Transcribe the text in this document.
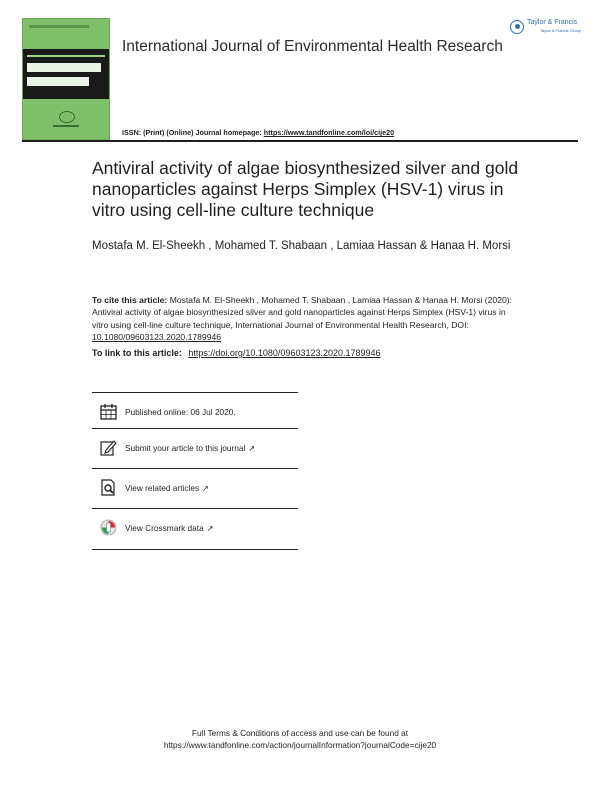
International Journal of Environmental Health Research
Taylor & Francis
Taylor & Francis Group
ISSN: (Print) (Online) Journal homepage: https://www.tandfonline.com/loi/cije20
Antiviral activity of algae biosynthesized silver and gold nanoparticles against Herps Simplex (HSV-1) virus in vitro using cell-line culture technique
Mostafa M. El-Sheekh , Mohamed T. Shabaan , Lamiaa Hassan & Hanaa H. Morsi
To cite this article: Mostafa M. El-Sheekh , Mohamed T. Shabaan , Lamiaa Hassan & Hanaa H. Morsi (2020): Antiviral activity of algae biosynthesized silver and gold nanoparticles against Herps Simplex (HSV-1) virus in vitro using cell-line culture technique, International Journal of Environmental Health Research, DOI: 10.1080/09603123.2020.1789946
To link to this article: https://doi.org/10.1080/09603123.2020.1789946
Published online: 06 Jul 2020.
Submit your article to this journal ↗
View related articles ↗
View Crossmark data ↗
Full Terms & Conditions of access and use can be found at
https://www.tandfonline.com/action/journalInformation?journalCode=cije20
